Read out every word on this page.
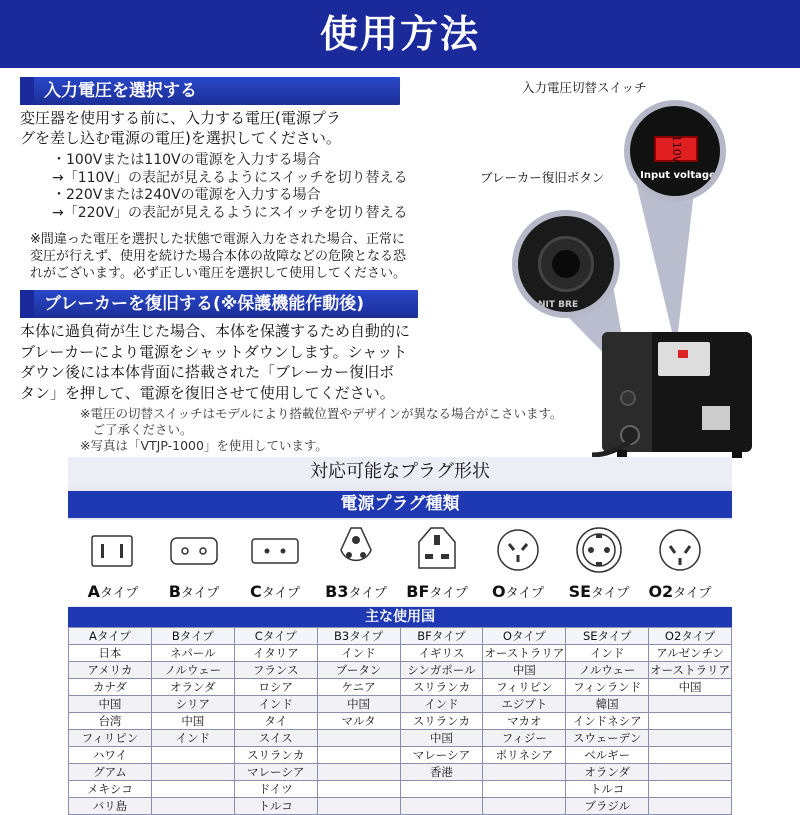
使用方法
入力電圧を選択する
変圧器を使用する前に、入力する電圧(電源プラ
グを差し込む電源の電圧)を選択してください。
・100Vまたは110Vの電源を入力する場合
→「110V」の表記が見えるようにスイッチを切り替える
・220Vまたは240Vの電源を入力する場合
→「220V」の表記が見えるようにスイッチを切り替える
※間違った電圧を選択した状態で電源入力をされた場合、正常に
変圧が行えず、使用を続けた場合本体の故障などの危険となる恐
れがございます。必ず正しい電圧を選択して使用してください。
ブレーカーを復旧する(※保護機能作動後)
本体に過負荷が生じた場合、本体を保護するため自動的に
ブレーカーにより電源をシャットダウンします。シャット
ダウン後には本体背面に搭載された「ブレーカー復旧ボ
タン」を押して、電源を復旧させて使用してください。
※電圧の切替スイッチはモデルにより搭載位置やデザインが異なる場合がこさいます。
　ご了承ください。
※写真は「VTJP-1000」を使用しています。
入力電圧切替スイッチ
ブレーカー復旧ボタン
110V
Input voltage
NIT BRE
対応可能なプラグ形状
電源プラグ種類
Aタイプ	Bタイプ	Cタイプ	B3タイプ	BFタイプ	Oタイプ	SEタイプ	O2タイプ
主な使用国
Aタイプ	Bタイプ	Cタイプ	B3タイプ	BFタイプ	Oタイプ	SEタイプ	O2タイプ
日本	ネパール	イタリア	インド	イギリス	オーストラリア	インド	アルゼンチン
アメリカ	ノルウェー	フランス	ブータン	シンガポール	中国	ノルウェー	オーストラリア
カナダ	オランダ	ロシア	ケニア	スリランカ	フィリピン	フィンランド	中国
中国	シリア	インド	中国	インド	エジプト	韓国	
台湾	中国	タイ	マルタ	スリランカ	マカオ	インドネシア	
フィリピン	インド	スイス		中国	フィジー	スウェーデン	
ハワイ		スリランカ		マレーシア	ポリネシア	ベルギー	
グアム		マレーシア		香港		オランダ	
メキシコ		ドイツ				トルコ	
バリ島		トルコ				ブラジル	
